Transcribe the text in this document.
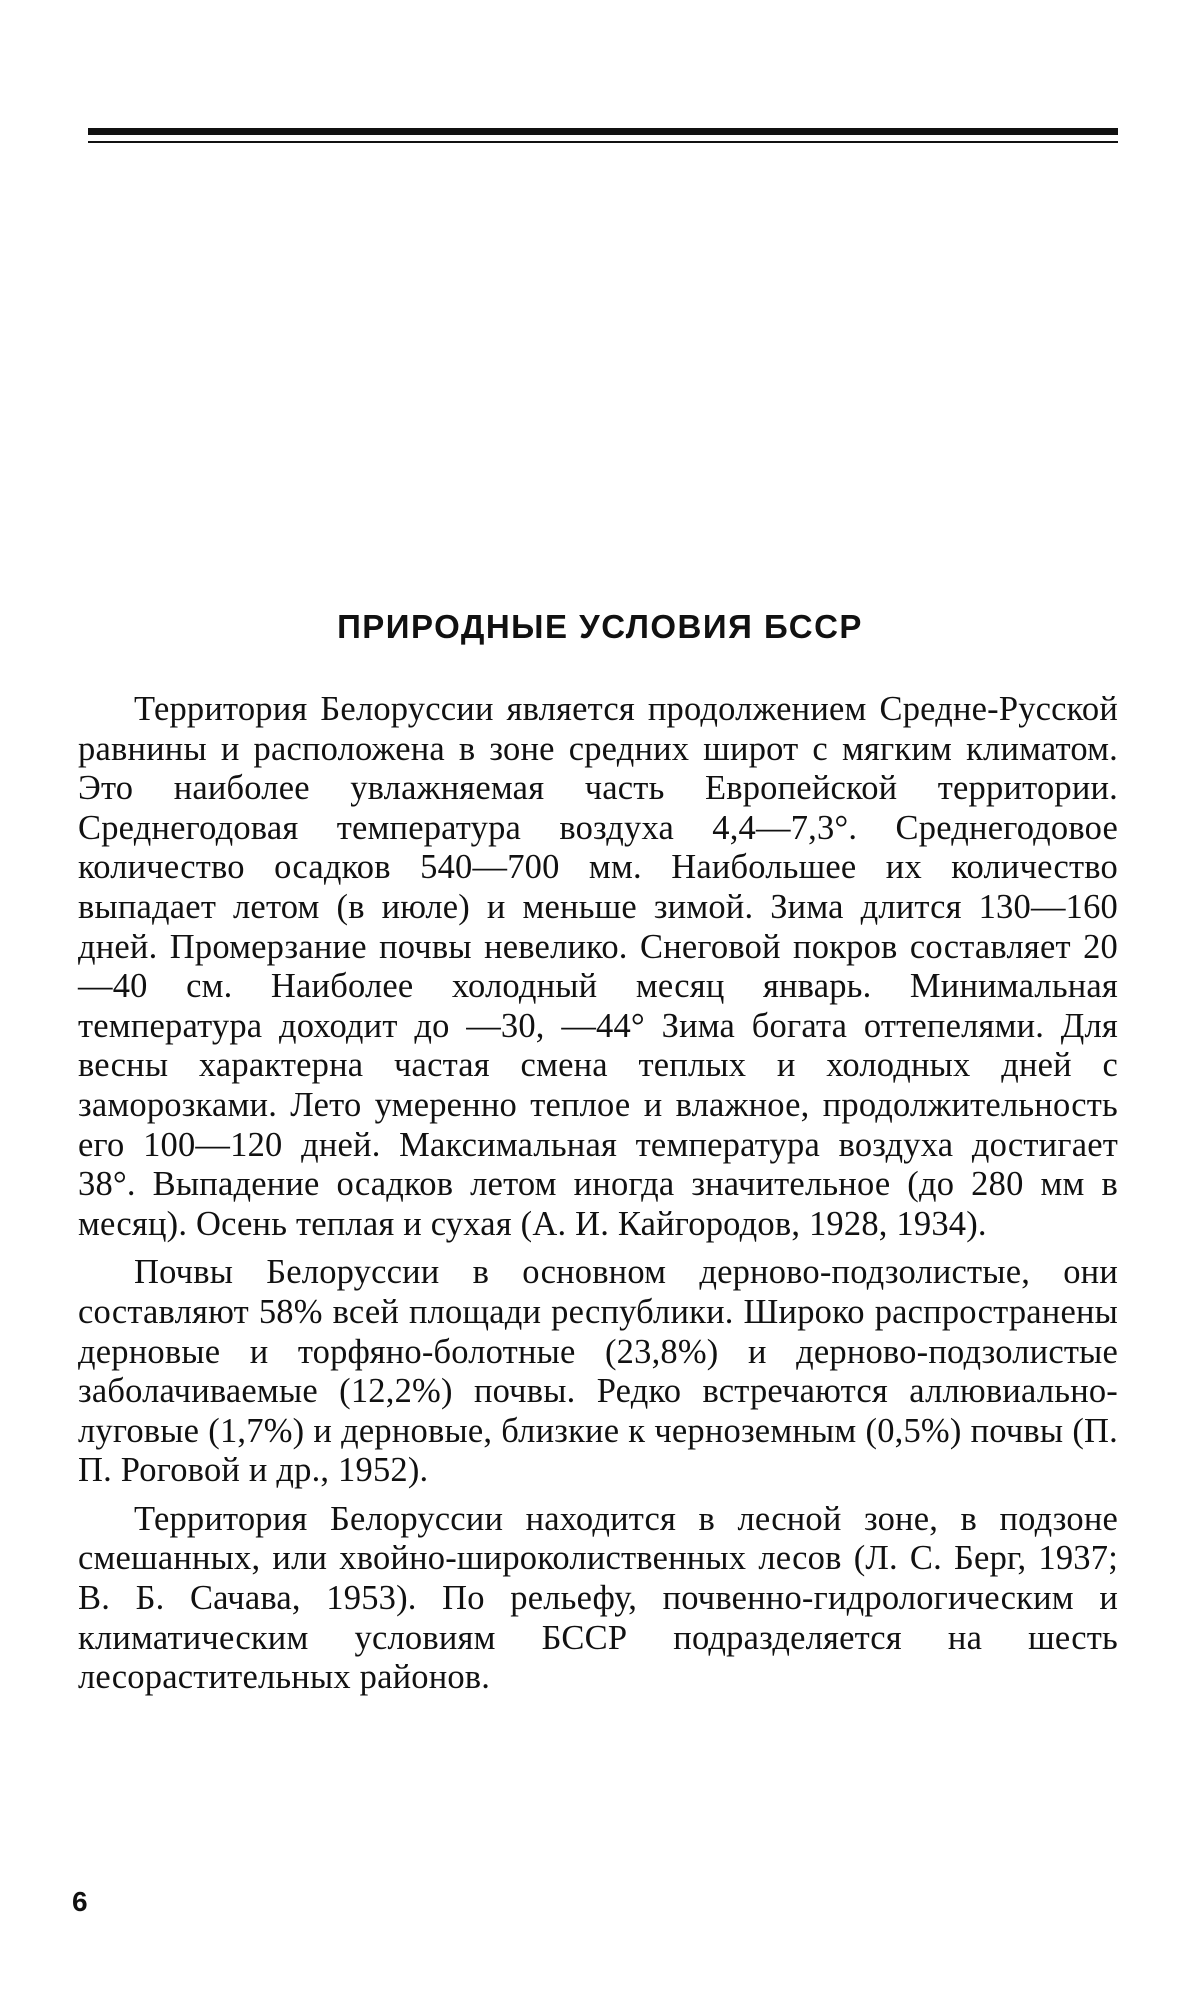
ПРИРОДНЫЕ УСЛОВИЯ БССР

Территория Белоруссии является продолжением Средне-Русской равнины и расположена в зоне средних широт с мягким климатом. Это наиболее увлажняемая часть Европейской территории. Среднегодовая температура воздуха 4,4—7,3°. Среднегодовое количество осадков 540—700 мм. Наибольшее их количество выпадает летом (в июле) и меньше зимой. Зима длится 130—160 дней. Промерзание почвы невелико. Снеговой покров составляет 20—40 см. Наиболее холодный месяц январь. Минимальная температура доходит до —30, —44° Зима богата оттепелями. Для весны характерна частая смена теплых и холодных дней с заморозками. Лето умеренно теплое и влажное, продолжительность его 100—120 дней. Максимальная температура воздуха достигает 38°. Выпадение осадков летом иногда значительное (до 280 мм в месяц). Осень теплая и сухая (А. И. Кайгородов, 1928, 1934).

Почвы Белоруссии в основном дерново-подзолистые, они составляют 58% всей площади республики. Широко распространены дерновые и торфяно-болотные (23,8%) и дерново-подзолистые заболачиваемые (12,2%) почвы. Редко встречаются аллювиально-луговые (1,7%) и дерновые, близкие к черноземным (0,5%) почвы (П. П. Роговой и др., 1952).

Территория Белоруссии находится в лесной зоне, в подзоне смешанных, или хвойно-широколиственных лесов (Л. С. Берг, 1937; В. Б. Сачава, 1953). По рельефу, почвенно-гидрологическим и климатическим условиям БССР подразделяется на шесть лесорастительных районов.

6
